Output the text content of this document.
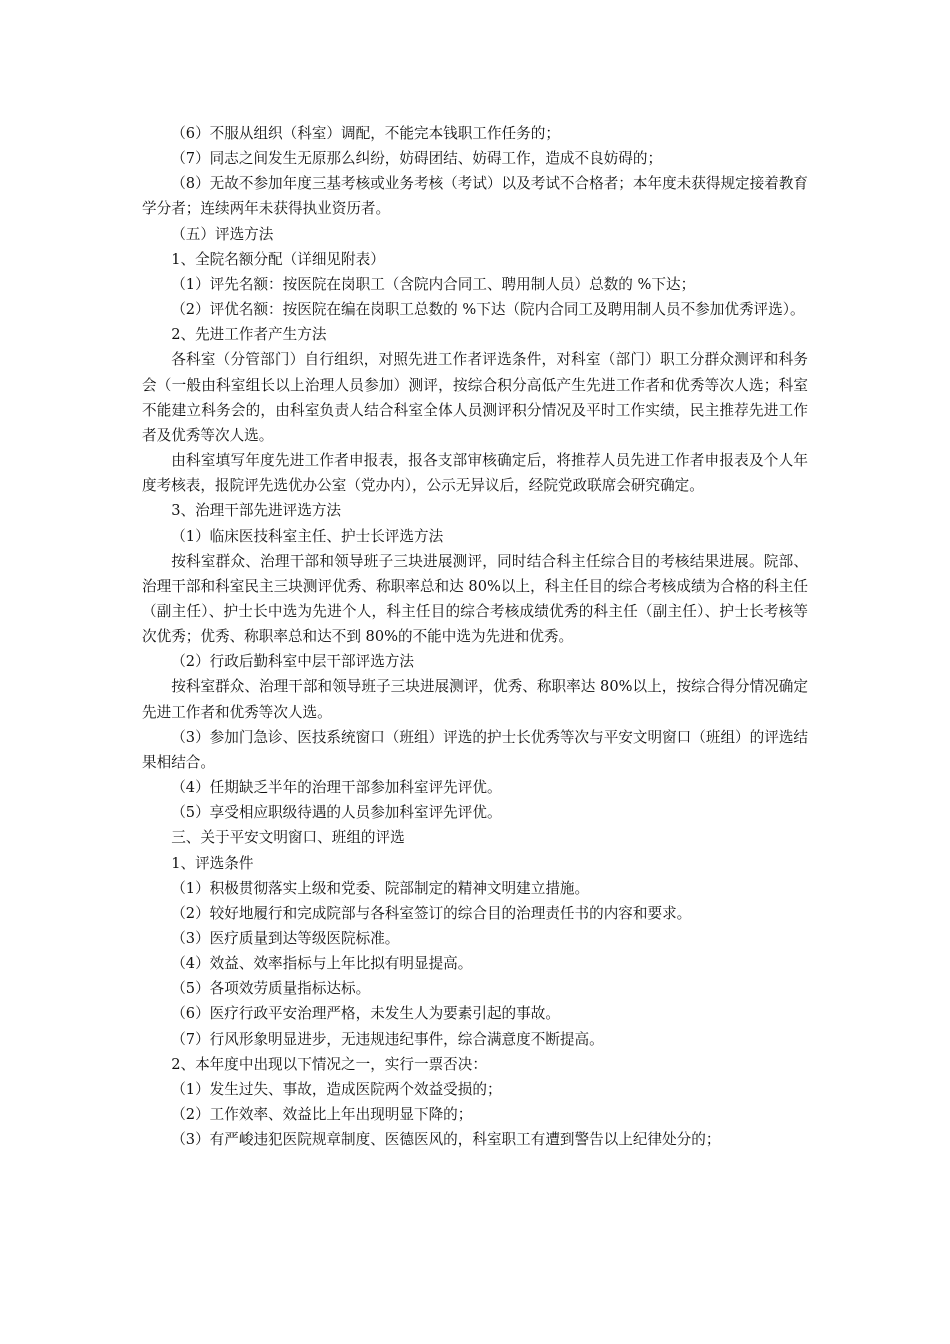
（6）不服从组织（科室）调配，不能完本钱职工作任务的；

（7）同志之间发生无原那么纠纷，妨碍团结、妨碍工作，造成不良妨碍的；

（8）无故不参加年度三基考核或业务考核（考试）以及考试不合格者；本年度未获得规定接着教育学分者；连续两年未获得执业资历者。

（五）评选方法

1、全院名额分配（详细见附表）

（1）评先名额：按医院在岗职工（含院内合同工、聘用制人员）总数的 %下达；

（2）评优名额：按医院在编在岗职工总数的 %下达（院内合同工及聘用制人员不参加优秀评选）。

2、先进工作者产生方法

各科室（分管部门）自行组织，对照先进工作者评选条件，对科室（部门）职工分群众测评和科务会（一般由科室组长以上治理人员参加）测评，按综合积分高低产生先进工作者和优秀等次人选；科室不能建立科务会的，由科室负责人结合科室全体人员测评积分情况及平时工作实绩，民主推荐先进工作者及优秀等次人选。

由科室填写年度先进工作者申报表，报各支部审核确定后，将推荐人员先进工作者申报表及个人年度考核表，报院评先选优办公室（党办内），公示无异议后，经院党政联席会研究确定。

3、治理干部先进评选方法

（1）临床医技科室主任、护士长评选方法

按科室群众、治理干部和领导班子三块进展测评，同时结合科主任综合目的考核结果进展。院部、治理干部和科室民主三块测评优秀、称职率总和达 80%以上，科主任目的综合考核成绩为合格的科主任（副主任）、护士长中选为先进个人，科主任目的综合考核成绩优秀的科主任（副主任）、护士长考核等次优秀；优秀、称职率总和达不到 80%的不能中选为先进和优秀。

（2）行政后勤科室中层干部评选方法

按科室群众、治理干部和领导班子三块进展测评，优秀、称职率达 80%以上，按综合得分情况确定先进工作者和优秀等次人选。

（3）参加门急诊、医技系统窗口（班组）评选的护士长优秀等次与平安文明窗口（班组）的评选结果相结合。

（4）任期缺乏半年的治理干部参加科室评先评优。

（5）享受相应职级待遇的人员参加科室评先评优。

三、关于平安文明窗口、班组的评选

1、评选条件

（1）积极贯彻落实上级和党委、院部制定的精神文明建立措施。

（2）较好地履行和完成院部与各科室签订的综合目的治理责任书的内容和要求。

（3）医疗质量到达等级医院标准。

（4）效益、效率指标与上年比拟有明显提高。

（5）各项效劳质量指标达标。

（6）医疗行政平安治理严格，未发生人为要素引起的事故。

（7）行风形象明显进步，无违规违纪事件，综合满意度不断提高。

2、本年度中出现以下情况之一，实行一票否决：

（1）发生过失、事故，造成医院两个效益受损的；

（2）工作效率、效益比上年出现明显下降的；

（3）有严峻违犯医院规章制度、医德医风的，科室职工有遭到警告以上纪律处分的；
